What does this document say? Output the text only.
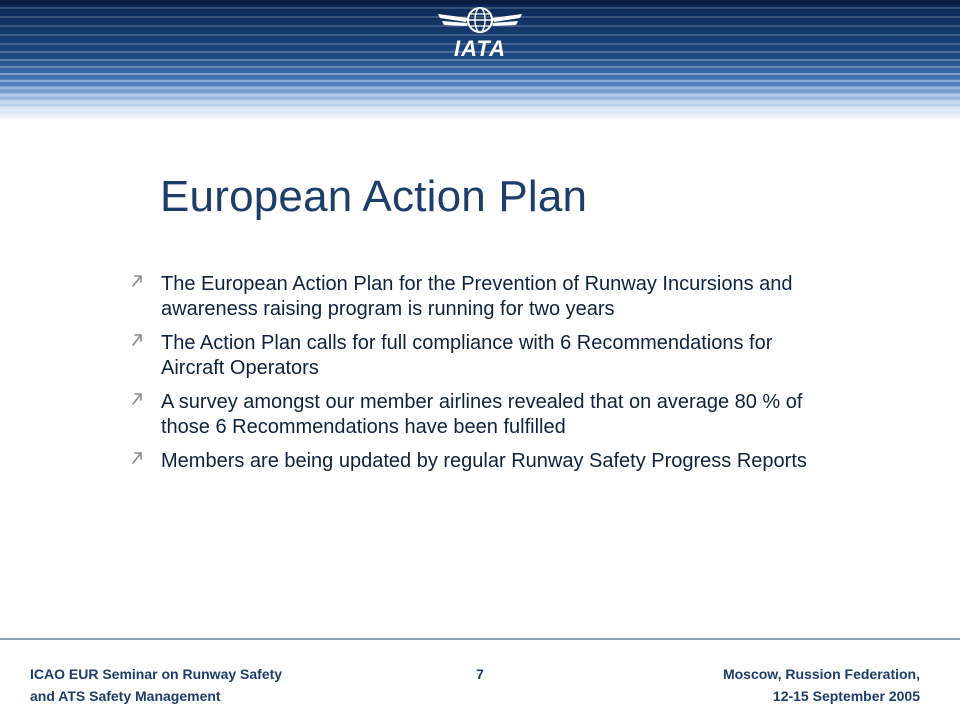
IATA
European Action Plan
The European Action Plan for the Prevention of Runway Incursions and awareness raising program is running for two years
The Action Plan calls for full compliance with 6 Recommendations for Aircraft Operators
A survey amongst our member airlines revealed that on average 80 % of those 6 Recommendations have been fulfilled
Members are being updated by regular Runway Safety Progress Reports
ICAO EUR Seminar on Runway Safety
and ATS Safety Management
7	Moscow, Russion Federation,
12-15 September 2005
